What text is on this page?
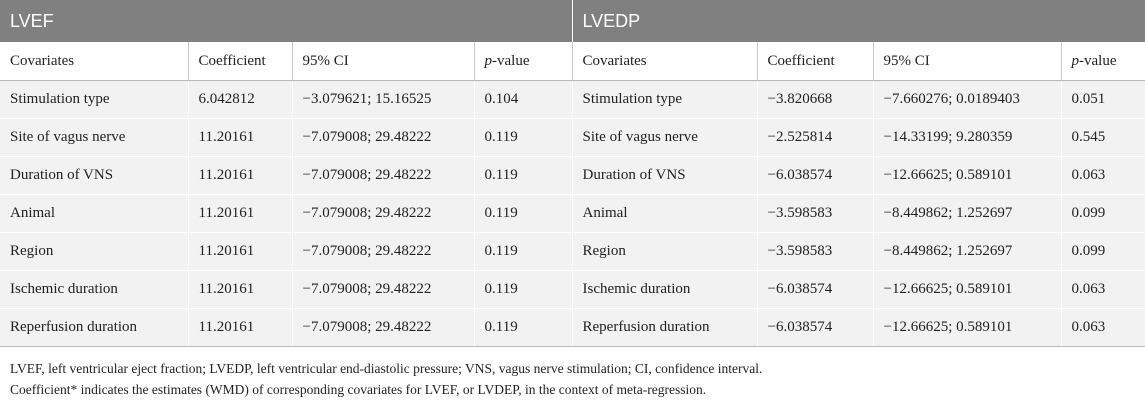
LVEF				LVEDP			
Covariates	Coefficient	95% CI	p-value	Covariates	Coefficient	95% CI	p-value
Stimulation type	6.042812	−3.079621; 15.16525	0.104	Stimulation type	−3.820668	−7.660276; 0.0189403	0.051
Site of vagus nerve	11.20161	−7.079008; 29.48222	0.119	Site of vagus nerve	−2.525814	−14.33199; 9.280359	0.545
Duration of VNS	11.20161	−7.079008; 29.48222	0.119	Duration of VNS	−6.038574	−12.66625; 0.589101	0.063
Animal	11.20161	−7.079008; 29.48222	0.119	Animal	−3.598583	−8.449862; 1.252697	0.099
Region	11.20161	−7.079008; 29.48222	0.119	Region	−3.598583	−8.449862; 1.252697	0.099
Ischemic duration	11.20161	−7.079008; 29.48222	0.119	Ischemic duration	−6.038574	−12.66625; 0.589101	0.063
Reperfusion duration	11.20161	−7.079008; 29.48222	0.119	Reperfusion duration	−6.038574	−12.66625; 0.589101	0.063
LVEF, left ventricular eject fraction; LVEDP, left ventricular end-diastolic pressure; VNS, vagus nerve stimulation; CI, confidence interval.
Coefficient* indicates the estimates (WMD) of corresponding covariates for LVEF, or LVDEP, in the context of meta-regression.
